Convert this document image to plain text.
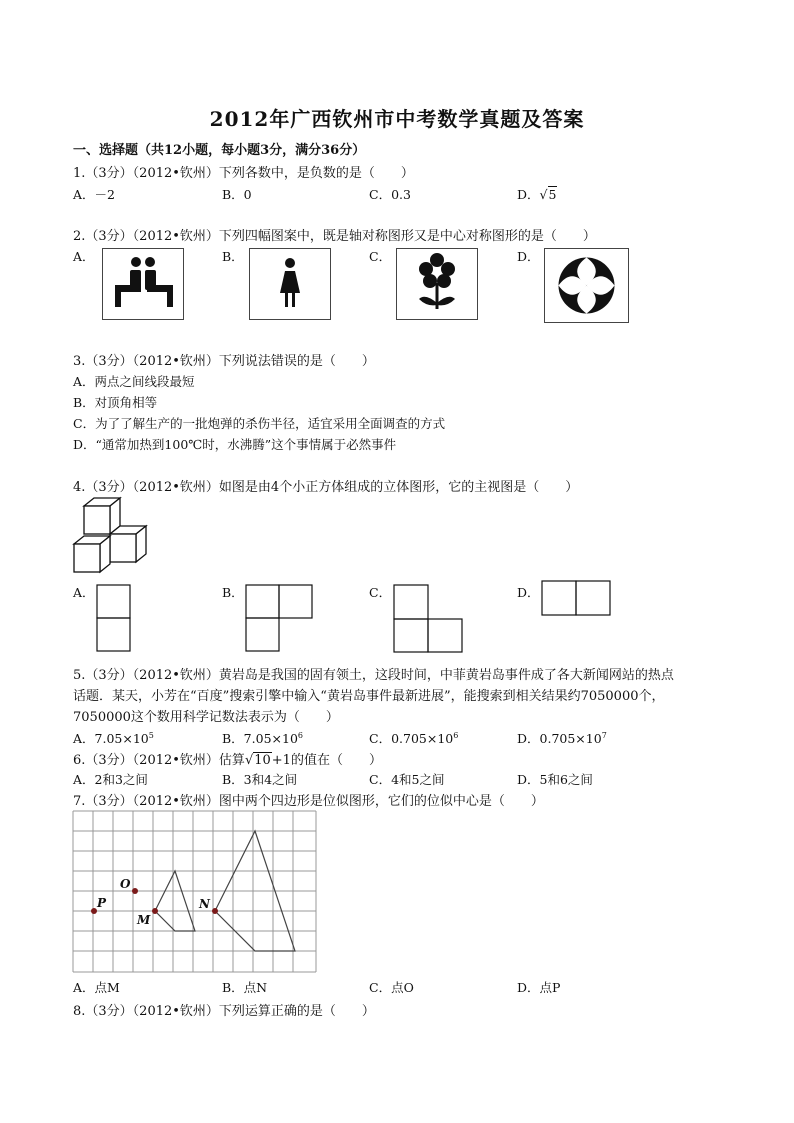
2012年广西钦州市中考数学真题及答案
一、选择题（共12小题，每小题3分，满分36分）
1.（3分）（2012•钦州）下列各数中，是负数的是（　　）
A．－2	B．0	C．0.3	D．√5
2.（3分）（2012•钦州）下列四幅图案中，既是轴对称图形又是中心对称图形的是（　　）
A．	B．	C．	D．
3.（3分）（2012•钦州）下列说法错误的是（　　）
A．两点之间线段最短
B．对顶角相等
C．为了了解生产的一批炮弹的杀伤半径，适宜采用全面调查的方式
D．“通常加热到100℃时，水沸腾”这个事情属于必然事件
4.（3分）（2012•钦州）如图是由4个小正方体组成的立体图形，它的主视图是（　　）
A．	B．	C．	D．
5.（3分）（2012•钦州）黄岩岛是我国的固有领土，这段时间，中菲黄岩岛事件成了各大新闻网站的热点
话题．某天，小芳在“百度”搜索引擎中输入“黄岩岛事件最新进展”，能搜索到相关结果约7050000个，
7050000这个数用科学记数法表示为（　　）
A．$7.05\times 10^5$	B．$7.05\times 10^6$	C．$0.705\times 10^6$	D．$0.705\times 10^7$
6.（3分）（2012•钦州）估算√10+1的值在（　　）
A．2和3之间	B．3和4之间	C．4和5之间	D．5和6之间
7.（3分）（2012•钦州）图中两个四边形是位似图形，它们的位似中心是（　　）
P
O
M
N
A．点M	B．点N	C．点O	D．点P
8.（3分）（2012•钦州）下列运算正确的是（　　）
